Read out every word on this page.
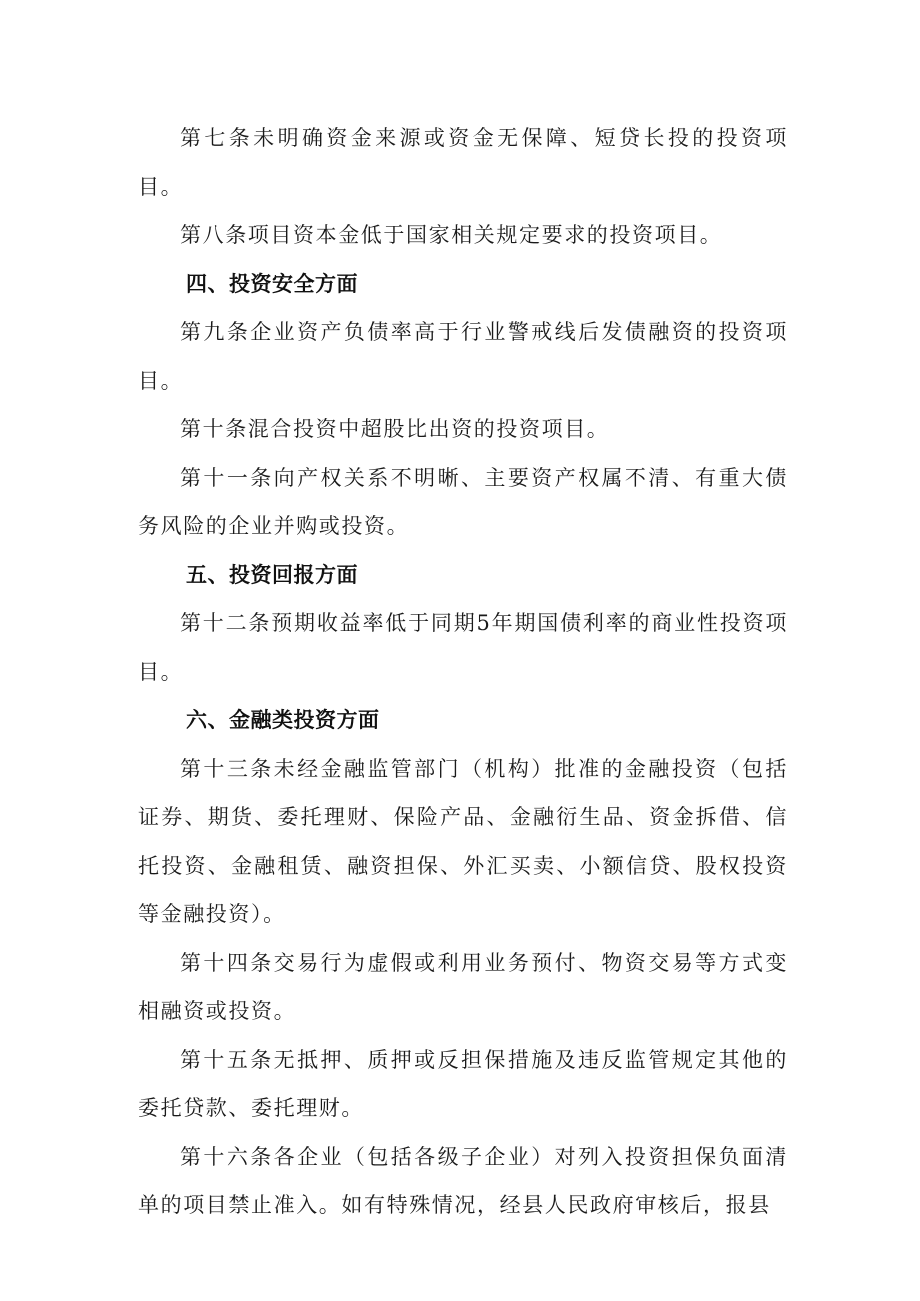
第七条未明确资金来源或资金无保障、短贷长投的投资项目。

第八条项目资本金低于国家相关规定要求的投资项目。

四、投资安全方面

第九条企业资产负债率高于行业警戒线后发债融资的投资项目。

第十条混合投资中超股比出资的投资项目。

第十一条向产权关系不明晰、主要资产权属不清、有重大债务风险的企业并购或投资。

五、投资回报方面

第十二条预期收益率低于同期5年期国债利率的商业性投资项目。

六、金融类投资方面

第十三条未经金融监管部门（机构）批准的金融投资（包括证券、期货、委托理财、保险产品、金融衍生品、资金拆借、信托投资、金融租赁、融资担保、外汇买卖、小额信贷、股权投资等金融投资）。

第十四条交易行为虚假或利用业务预付、物资交易等方式变相融资或投资。

第十五条无抵押、质押或反担保措施及违反监管规定其他的委托贷款、委托理财。

第十六条各企业（包括各级子企业）对列入投资担保负面清单的项目禁止准入。如有特殊情况，经县人民政府审核后，报县
